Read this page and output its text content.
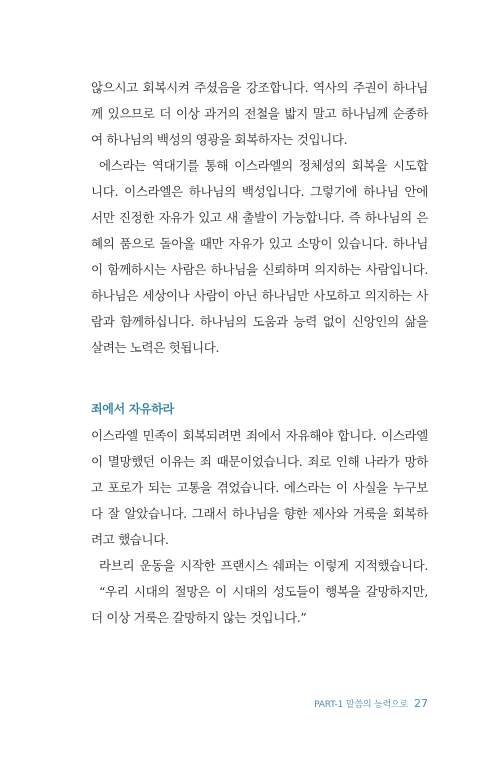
않으시고 회복시켜 주셨음을 강조합니다. 역사의 주권이 하나님
께 있으므로 더 이상 과거의 전철을 밟지 말고 하나님께 순종하
여 하나님의 백성의 영광을 회복하자는 것입니다.
에스라는 역대기를 통해 이스라엘의 정체성의 회복을 시도합
니다. 이스라엘은 하나님의 백성입니다. 그렇기에 하나님 안에
서만 진정한 자유가 있고 새 출발이 가능합니다. 즉 하나님의 은
혜의 품으로 돌아올 때만 자유가 있고 소망이 있습니다. 하나님
이 함께하시는 사람은 하나님을 신뢰하며 의지하는 사람입니다.
하나님은 세상이나 사람이 아닌 하나님만 사모하고 의지하는 사
람과 함께하십니다. 하나님의 도움과 능력 없이 신앙인의 삶을
살려는 노력은 헛됩니다.
죄에서 자유하라
이스라엘 민족이 회복되려면 죄에서 자유해야 합니다. 이스라엘
이 멸망했던 이유는 죄 때문이었습니다. 죄로 인해 나라가 망하
고 포로가 되는 고통을 겪었습니다. 에스라는 이 사실을 누구보
다 잘 알았습니다. 그래서 하나님을 향한 제사와 거룩을 회복하
려고 했습니다.
라브리 운동을 시작한 프랜시스 쉐퍼는 이렇게 지적했습니다.
“우리 시대의 절망은 이 시대의 성도들이 행복을 갈망하지만,
더 이상 거룩은 갈망하지 않는 것입니다.”
PART-1 말씀의 능력으로 27
